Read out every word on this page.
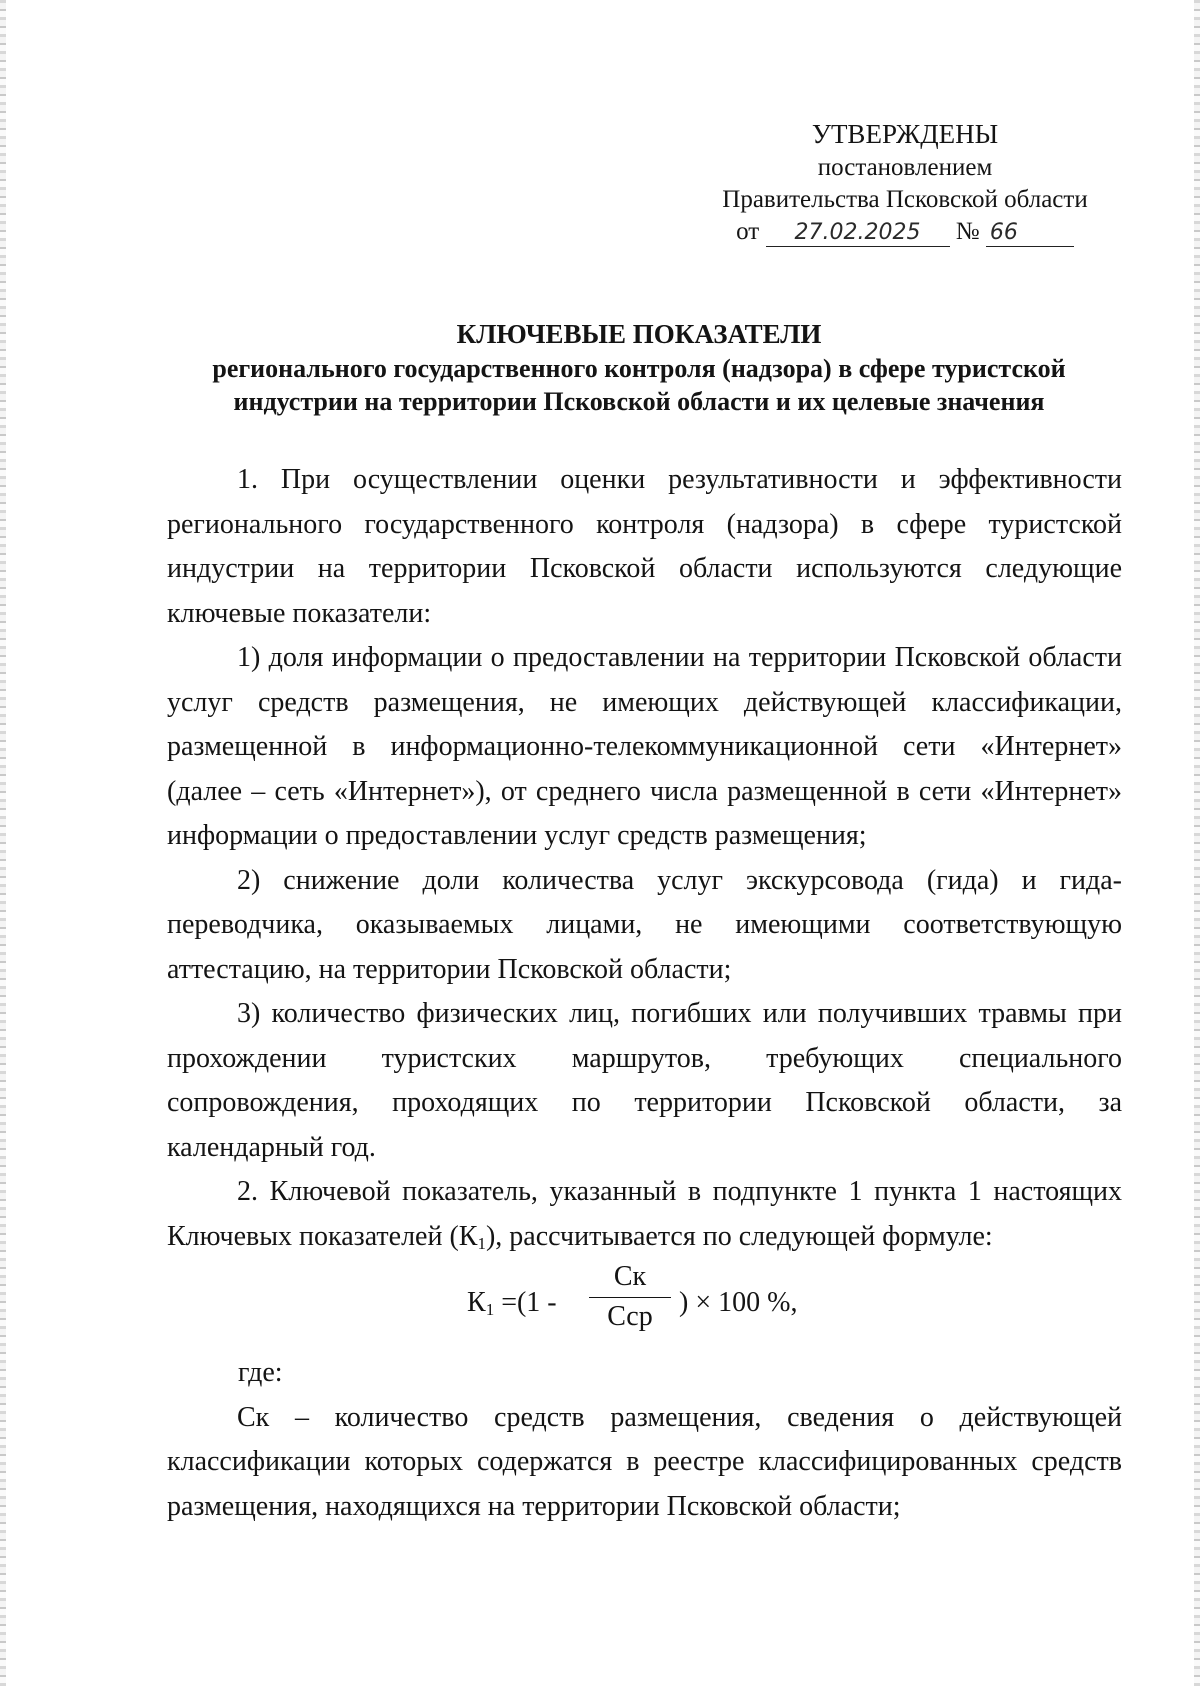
УТВЕРЖДЕНЫ
постановлением
Правительства Псковской области
от 27.02.2025 № 66
КЛЮЧЕВЫЕ ПОКАЗАТЕЛИ
регионального государственного контроля (надзора) в сфере туристской
индустрии на территории Псковской области и их целевые значения

1. При осуществлении оценки результативности и эффективности регионального государственного контроля (надзора) в сфере туристской индустрии на территории Псковской области используются следующие ключевые показатели:

1) доля информации о предоставлении на территории Псковской области услуг средств размещения, не имеющих действующей классификации, размещенной в информационно-телекоммуникационной сети «Интернет» (далее – сеть «Интернет»), от среднего числа размещенной в сети «Интернет» информации о предоставлении услуг средств размещения;

2) снижение доли количества услуг экскурсовода (гида) и гида-переводчика, оказываемых лицами, не имеющими соответствующую аттестацию, на территории Псковской области;

3) количество физических лиц, погибших или получивших травмы при прохождении туристских маршрутов, требующих специального сопровождения, проходящих по территории Псковской области, за календарный год.

2. Ключевой показатель, указанный в подпункте 1 пункта 1 настоящих Ключевых показателей $(К_1)$, рассчитывается по следующей формуле:

$К_1 =(1$ -
Ск
Сср ) × 100 %,

где:

Ск – количество средств размещения, сведения о действующей классификации которых содержатся в реестре классифицированных средств размещения, находящихся на территории Псковской области;
